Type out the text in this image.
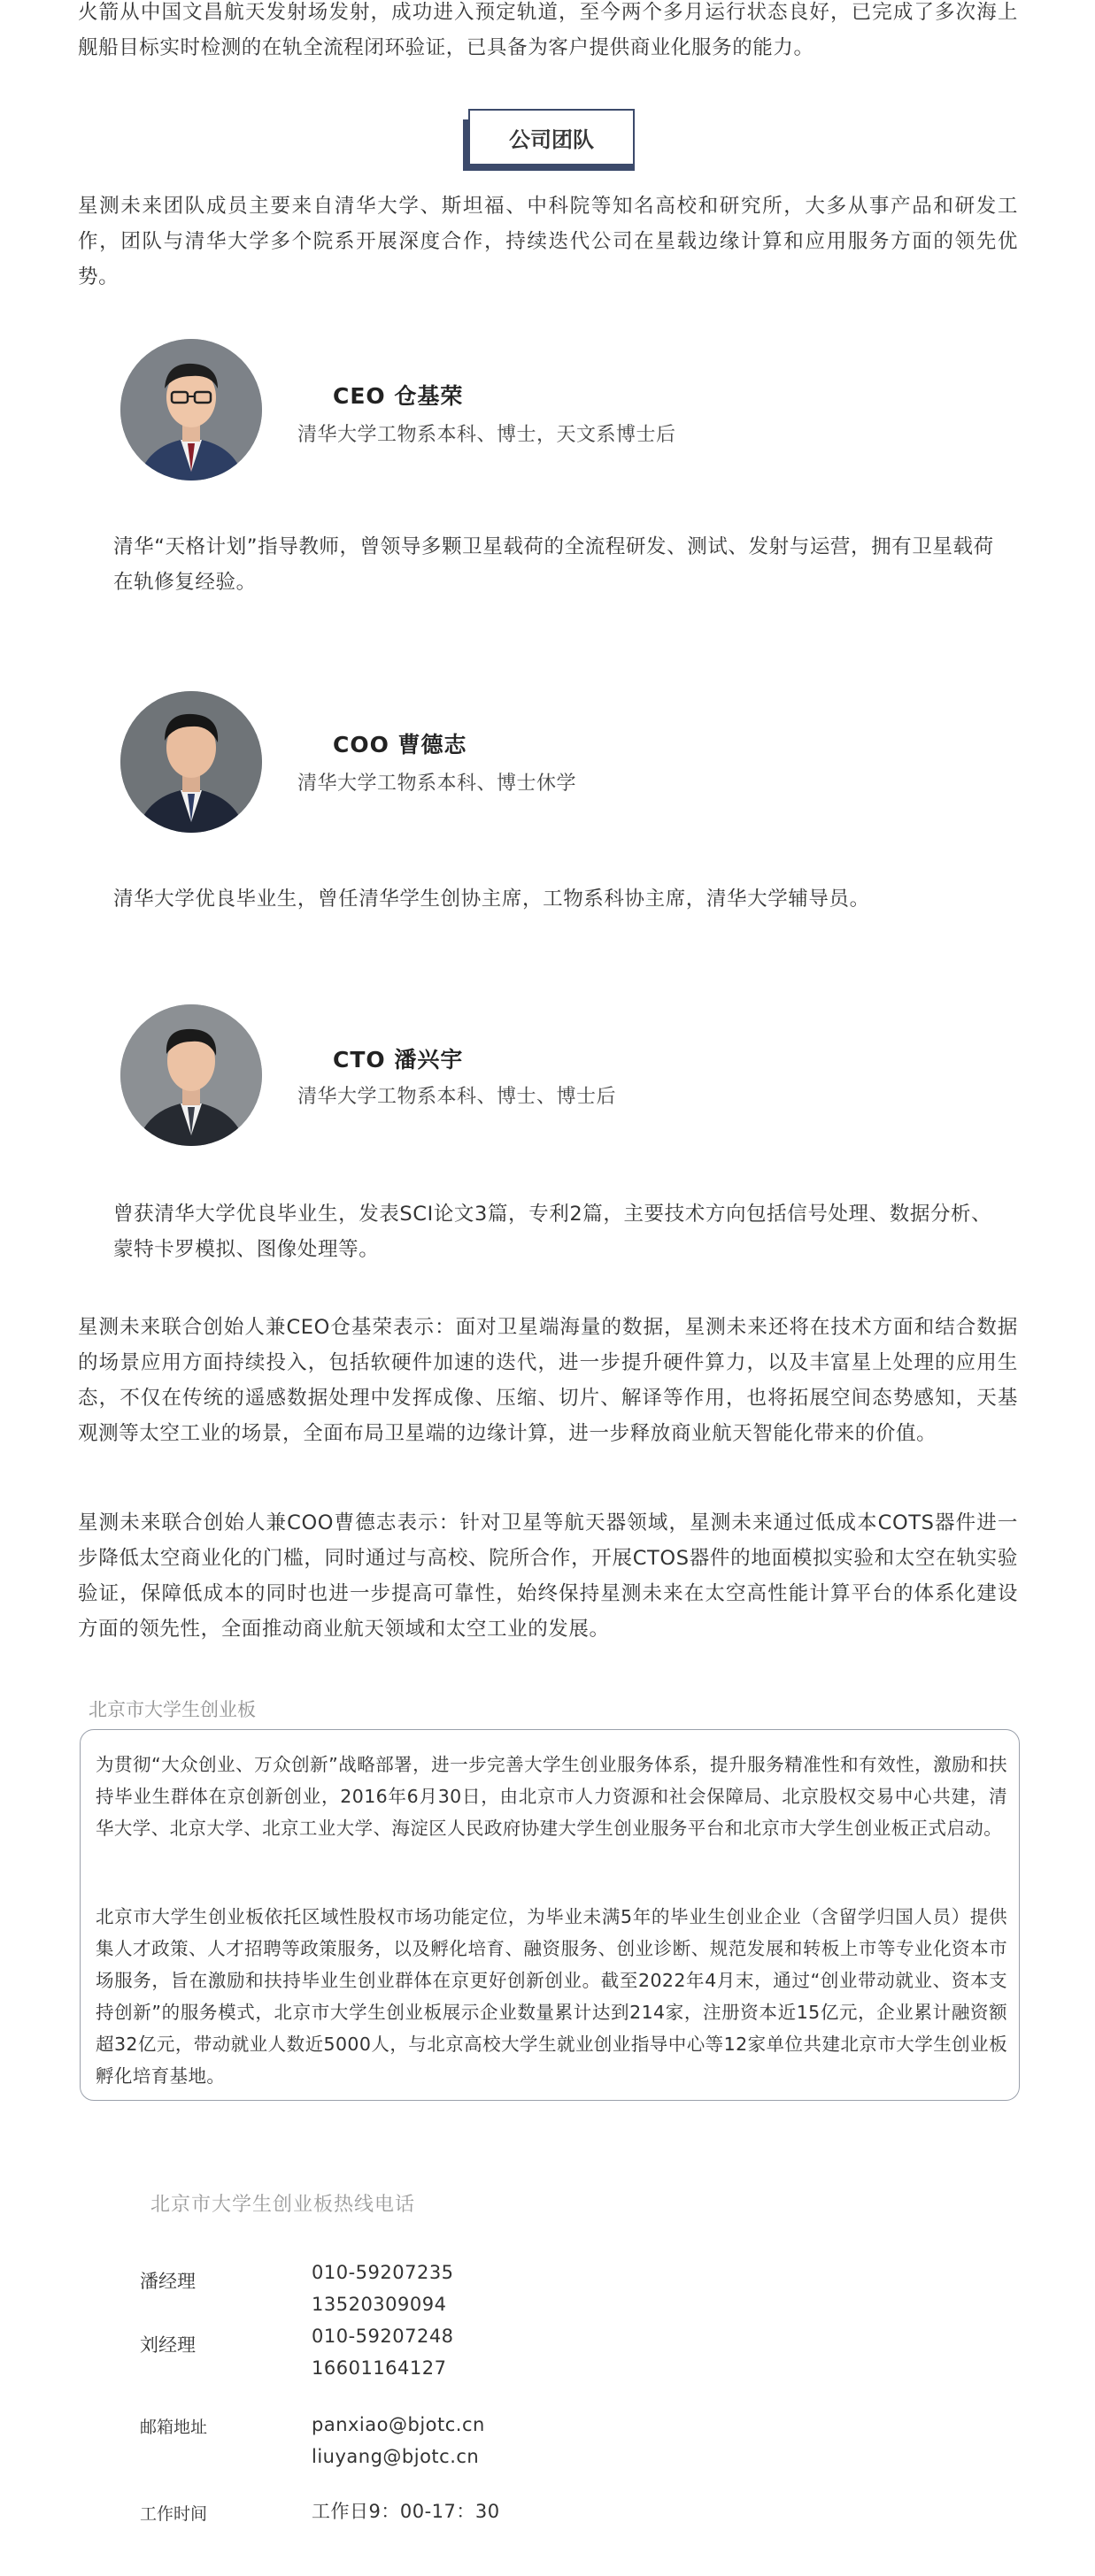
火箭从中国文昌航天发射场发射，成功进入预定轨道，至今两个多月运行状态良好，已完成了多次海上舰船目标实时检测的在轨全流程闭环验证，已具备为客户提供商业化服务的能力。

公司团队

星测未来团队成员主要来自清华大学、斯坦福、中科院等知名高校和研究所，大多从事产品和研发工作，团队与清华大学多个院系开展深度合作，持续迭代公司在星载边缘计算和应用服务方面的领先优势。

CEO 仓基荣
清华大学工物系本科、博士，天文系博士后

清华“天格计划”指导教师，曾领导多颗卫星载荷的全流程研发、测试、发射与运营，拥有卫星载荷在轨修复经验。

COO 曹德志
清华大学工物系本科、博士休学

清华大学优良毕业生，曾任清华学生创协主席，工物系科协主席，清华大学辅导员。

CTO 潘兴宇
清华大学工物系本科、博士、博士后

曾获清华大学优良毕业生，发表SCI论文3篇，专利2篇，主要技术方向包括信号处理、数据分析、蒙特卡罗模拟、图像处理等。

星测未来联合创始人兼CEO仓基荣表示：面对卫星端海量的数据，星测未来还将在技术方面和结合数据的场景应用方面持续投入，包括软硬件加速的迭代，进一步提升硬件算力，以及丰富星上处理的应用生态，不仅在传统的遥感数据处理中发挥成像、压缩、切片、解译等作用，也将拓展空间态势感知，天基观测等太空工业的场景，全面布局卫星端的边缘计算，进一步释放商业航天智能化带来的价值。

星测未来联合创始人兼COO曹德志表示：针对卫星等航天器领域，星测未来通过低成本COTS器件进一步降低太空商业化的门槛，同时通过与高校、院所合作，开展CTOS器件的地面模拟实验和太空在轨实验验证，保障低成本的同时也进一步提高可靠性，始终保持星测未来在太空高性能计算平台的体系化建设方面的领先性，全面推动商业航天领域和太空工业的发展。

北京市大学生创业板

为贯彻“大众创业、万众创新”战略部署，进一步完善大学生创业服务体系，提升服务精准性和有效性，激励和扶持毕业生群体在京创新创业，2016年6月30日，由北京市人力资源和社会保障局、北京股权交易中心共建，清华大学、北京大学、北京工业大学、海淀区人民政府协建大学生创业服务平台和北京市大学生创业板正式启动。

北京市大学生创业板依托区域性股权市场功能定位，为毕业未满5年的毕业生创业企业（含留学归国人员）提供集人才政策、人才招聘等政策服务，以及孵化培育、融资服务、创业诊断、规范发展和转板上市等专业化资本市场服务，旨在激励和扶持毕业生创业群体在京更好创新创业。截至2022年4月末，通过“创业带动就业、资本支持创新”的服务模式，北京市大学生创业板展示企业数量累计达到214家，注册资本近15亿元，企业累计融资额超32亿元，带动就业人数近5000人，与北京高校大学生就业创业指导中心等12家单位共建北京市大学生创业板孵化培育基地。

北京市大学生创业板热线电话
潘经理	010-59207235
13520309094
刘经理	010-59207248
16601164127
邮箱地址	panxiao@bjotc.cn
liuyang@bjotc.cn
工作时间	工作日9：00-17：30
